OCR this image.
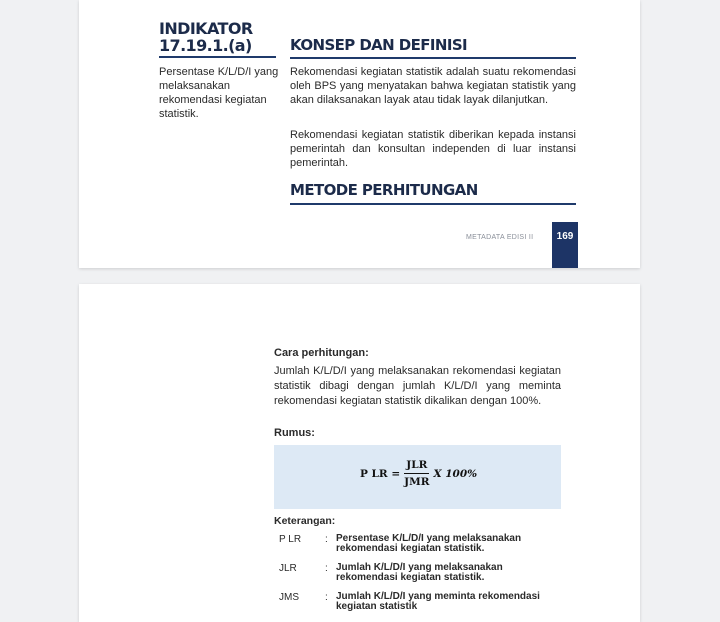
INDIKATOR 17.19.1.(a)
Persentase K/L/D/I yang melaksanakan rekomendasi kegiatan statistik.
KONSEP DAN DEFINISI
Rekomendasi kegiatan statistik adalah suatu rekomendasi oleh BPS yang menyatakan bahwa kegiatan statistik yang akan dilaksanakan layak atau tidak layak dilanjutkan.
Rekomendasi kegiatan statistik diberikan kepada instansi pemerintah dan konsultan independen di luar instansi pemerintah.
METODE PERHITUNGAN
METADATA EDISI II	169
Cara perhitungan:
Jumlah K/L/D/I yang melaksanakan rekomendasi kegiatan statistik dibagi dengan jumlah K/L/D/I yang meminta rekomendasi kegiatan statistik dikalikan dengan 100%.
Rumus:
P LR = $\frac{\text{JLR}}{\text{JMR}}$ X 100%
Keterangan:
P LR : Persentase K/L/D/I yang melaksanakan rekomendasi kegiatan statistik.
JLR	: Jumlah K/L/D/I yang melaksanakan rekomendasi kegiatan statistik.
JMS	: Jumlah K/L/D/I yang meminta rekomendasi kegiatan statistik
